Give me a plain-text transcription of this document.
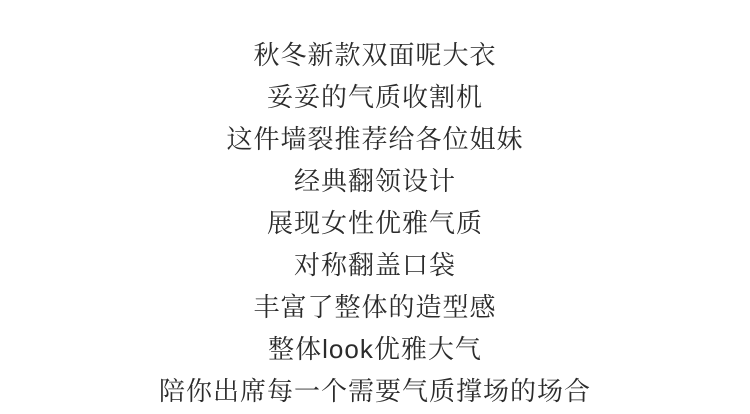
秋冬新款双面呢大衣
妥妥的气质收割机
这件墙裂推荐给各位姐妹
经典翻领设计
展现女性优雅气质
对称翻盖口袋
丰富了整体的造型感
整体look优雅大气
陪你出席每一个需要气质撑场的场合
